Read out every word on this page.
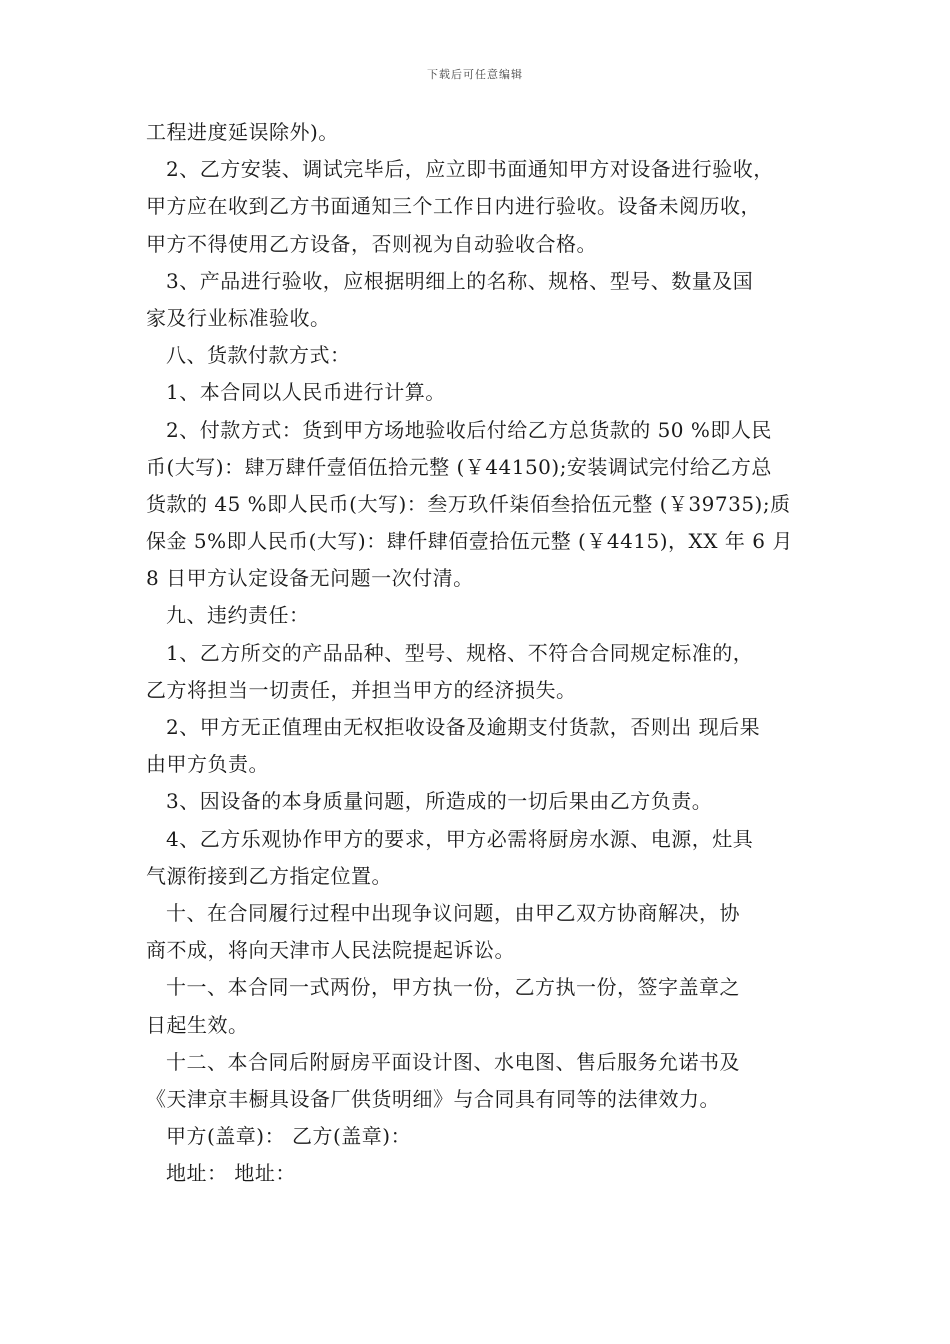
下载后可任意编辑
工程进度延误除外)。
2、乙方安装、调试完毕后，应立即书面通知甲方对设备进行验收，
甲方应在收到乙方书面通知三个工作日内进行验收。设备未阅历收，
甲方不得使用乙方设备，否则视为自动验收合格。
3、产品进行验收，应根据明细上的名称、规格、型号、数量及国
家及行业标准验收。
八、货款付款方式：
1、本合同以人民币进行计算。
2、付款方式：货到甲方场地验收后付给乙方总货款的 50 %即人民
币(大写)：肆万肆仟壹佰伍拾元整 (￥44150);安装调试完付给乙方总
货款的 45 %即人民币(大写)：叁万玖仟柒佰叁拾伍元整 (￥39735);质
保金 5%即人民币(大写)：肆仟肆佰壹拾伍元整 (￥4415)，XX 年 6 月
8 日甲方认定设备无问题一次付清。
九、违约责任：
1、乙方所交的产品品种、型号、规格、不符合合同规定标准的，
乙方将担当一切责任，并担当甲方的经济损失。
2、甲方无正值理由无权拒收设备及逾期支付货款，否则出 现后果
由甲方负责。
3、因设备的本身质量问题，所造成的一切后果由乙方负责。
4、乙方乐观协作甲方的要求，甲方必需将厨房水源、电源，灶具
气源衔接到乙方指定位置。
十、在合同履行过程中出现争议问题，由甲乙双方协商解决，协
商不成，将向天津市人民法院提起诉讼。
十一、本合同一式两份，甲方执一份，乙方执一份，签字盖章之
日起生效。
十二、本合同后附厨房平面设计图、水电图、售后服务允诺书及
《天津京丰橱具设备厂供货明细》与合同具有同等的法律效力。
甲方(盖章)： 乙方(盖章)：
地址： 地址：
